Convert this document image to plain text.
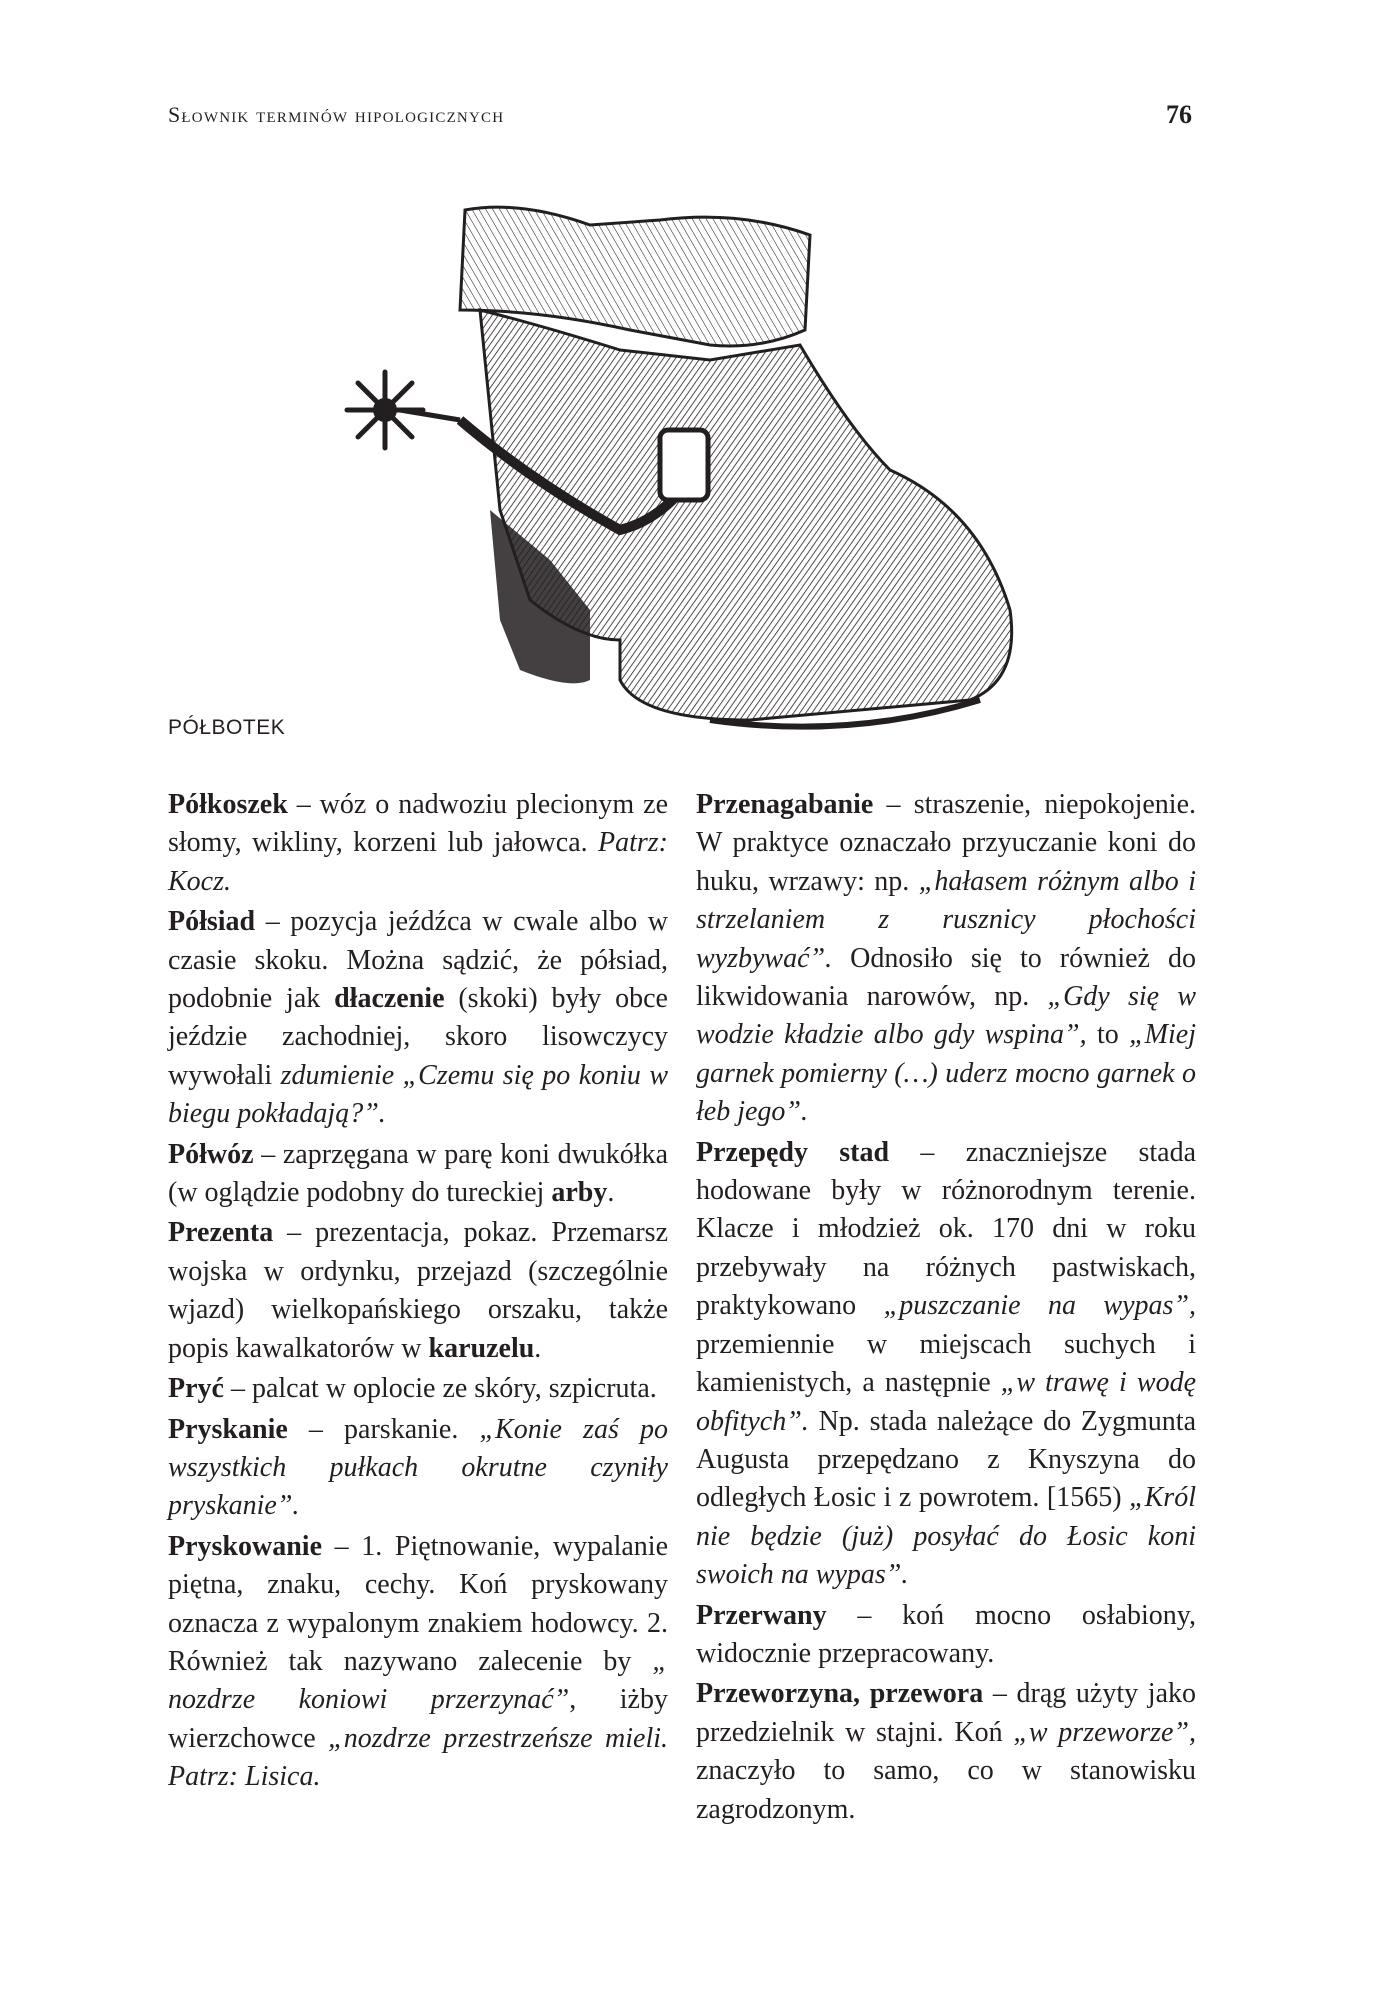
Słownik terminów hipologicznych	76
PÓŁBOTEK

Półkoszek – wóz o nadwoziu plecionym ze słomy, wikliny, korzeni lub jałowca. Patrz: Kocz.

Półsiad – pozycja jeźdźca w cwale albo w czasie skoku. Można sądzić, że półsiad, podobnie jak dłaczenie (skoki) były obce jeździe zachodniej, skoro lisowczycy wywołali zdumienie „Czemu się po koniu w biegu pokładają?”.

Półwóz – zaprzęgana w parę koni dwukółka (w oglądzie podobny do tureckiej arby.

Prezenta – prezentacja, pokaz. Przemarsz wojska w ordynku, przejazd (szczególnie wjazd) wielkopańskiego orszaku, także popis kawalkatorów w karuzelu.

Pryć – palcat w oplocie ze skóry, szpicruta.

Pryskanie – parskanie. „Konie zaś po wszystkich pułkach okrutne czyniły pryskanie”.

Pryskowanie – 1. Piętnowanie, wypalanie piętna, znaku, cechy. Koń pryskowany oznacza z wypalonym znakiem hodowcy. 2. Również tak nazywano zalecenie by „ nozdrze koniowi przerzynać”, iżby wierzchowce „nozdrze przestrzeńsze mieli. Patrz: Lisica.

Przenagabanie – straszenie, niepokojenie. W praktyce oznaczało przyuczanie koni do huku, wrzawy: np. „hałasem różnym albo i strzelaniem z rusznicy płochości wyzbywać”. Odnosiło się to również do likwidowania narowów, np. „Gdy się w wodzie kładzie albo gdy wspina”, to „Miej garnek pomierny (…) uderz mocno garnek o łeb jego”.

Przepędy stad – znaczniejsze stada hodowane były w różnorodnym terenie. Klacze i młodzież ok. 170 dni w roku przebywały na różnych pastwiskach, praktykowano „puszczanie na wypas”, przemiennie w miejscach suchych i kamienistych, a następnie „w trawę i wodę obfitych”. Np. stada należące do Zygmunta Augusta przepędzano z Knyszyna do odległych Łosic i z powrotem. [1565) „Król nie będzie (już) posyłać do Łosic koni swoich na wypas”.

Przerwany – koń mocno osłabiony, widocznie przepracowany.

Przeworzyna, przewora – drąg użyty jako przedzielnik w stajni. Koń „w przeworze”, znaczyło to samo, co w stanowisku zagrodzonym.
